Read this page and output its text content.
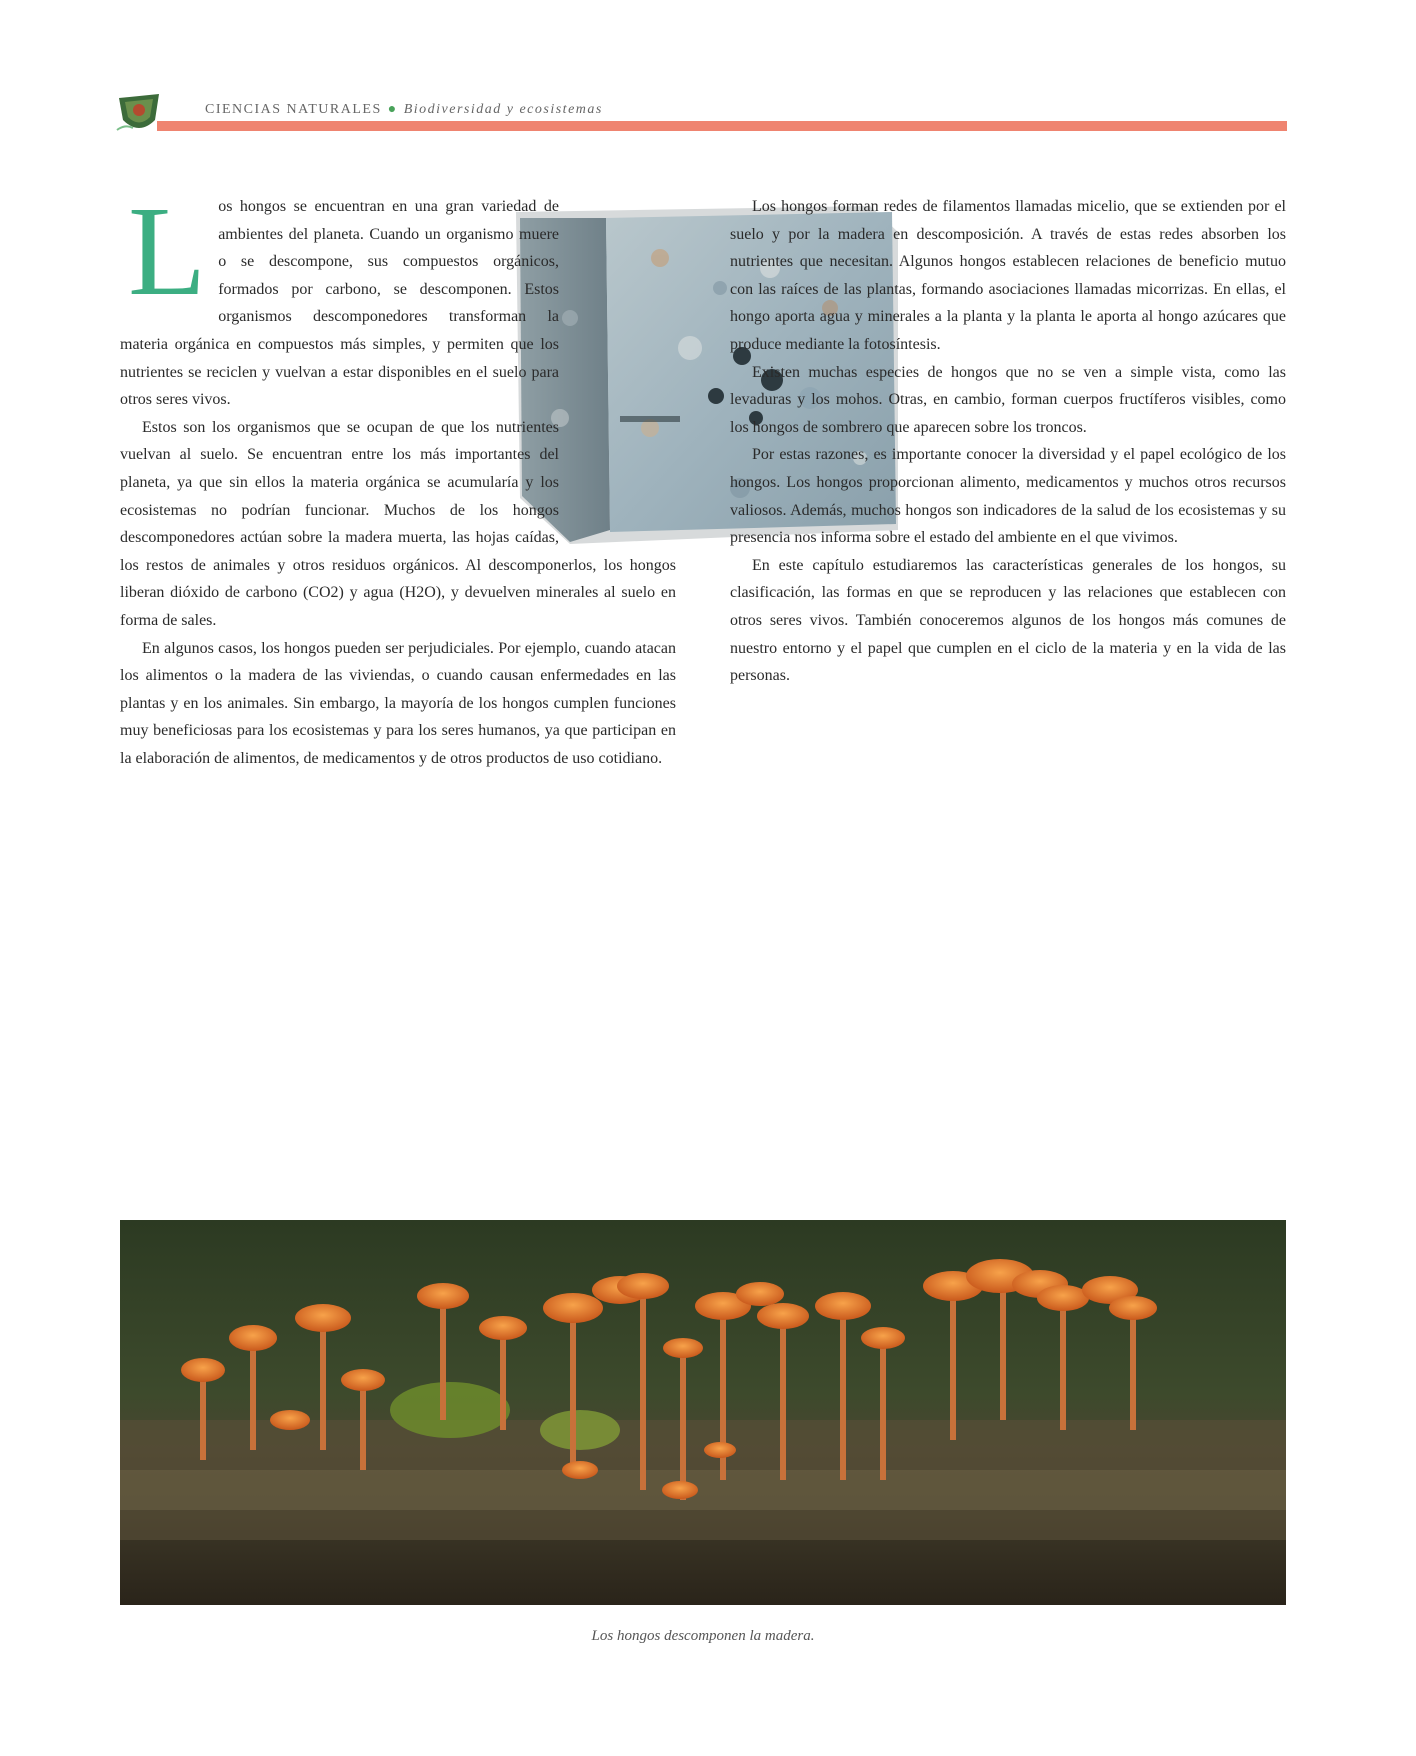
CIENCIAS NATURALES ● Biodiversidad y ecosistemas
L os hongos se encuentran en una gran variedad de ambientes del planeta. Cuando un organismo muere o se descompone, sus compuestos orgánicos, formados por carbono, se descomponen. Estos organismos descomponedores transforman la materia orgánica en compuestos más simples, y permiten que los nutrientes se reciclen y vuelvan a estar disponibles en el suelo para otros seres vivos.

Estos son los organismos que se ocupan de que los nutrientes vuelvan al suelo. Se encuentran entre los más importantes del planeta, ya que sin ellos la materia orgánica se acumularía y los ecosistemas no podrían funcionar. Muchos de los hongos descomponedores actúan sobre la madera muerta, las hojas caídas, los restos de animales y otros residuos orgánicos. Al descomponerlos, los hongos liberan dióxido de carbono (CO2) y agua (H2O), y devuelven minerales al suelo en forma de sales.

En algunos casos, los hongos pueden ser perjudiciales. Por ejemplo, cuando atacan los alimentos o la madera de las viviendas, o cuando causan enfermedades en las plantas y en los animales. Sin embargo, la mayoría de los hongos cumplen funciones muy beneficiosas para los ecosistemas y para los seres humanos, ya que participan en la elaboración de alimentos, de medicamentos y de otros productos de uso cotidiano.

Los hongos forman redes de filamentos llamadas micelio, que se extienden por el suelo y por la madera en descomposición. A través de estas redes absorben los nutrientes que necesitan. Algunos hongos establecen relaciones de beneficio mutuo con las raíces de las plantas, formando asociaciones llamadas micorrizas. En ellas, el hongo aporta agua y minerales a la planta y la planta le aporta al hongo azúcares que produce mediante la fotosíntesis.

Existen muchas especies de hongos que no se ven a simple vista, como las levaduras y los mohos. Otras, en cambio, forman cuerpos fructíferos visibles, como los hongos de sombrero que aparecen sobre los troncos.

Por estas razones, es importante conocer la diversidad y el papel ecológico de los hongos. Los hongos proporcionan alimento, medicamentos y muchos otros recursos valiosos. Además, muchos hongos son indicadores de la salud de los ecosistemas y su presencia nos informa sobre el estado del ambiente en el que vivimos.

En este capítulo estudiaremos las características generales de los hongos, su clasificación, las formas en que se reproducen y las relaciones que establecen con otros seres vivos. También conoceremos algunos de los hongos más comunes de nuestro entorno y el papel que cumplen en el ciclo de la materia y en la vida de las personas.

Los hongos descomponen la madera.
